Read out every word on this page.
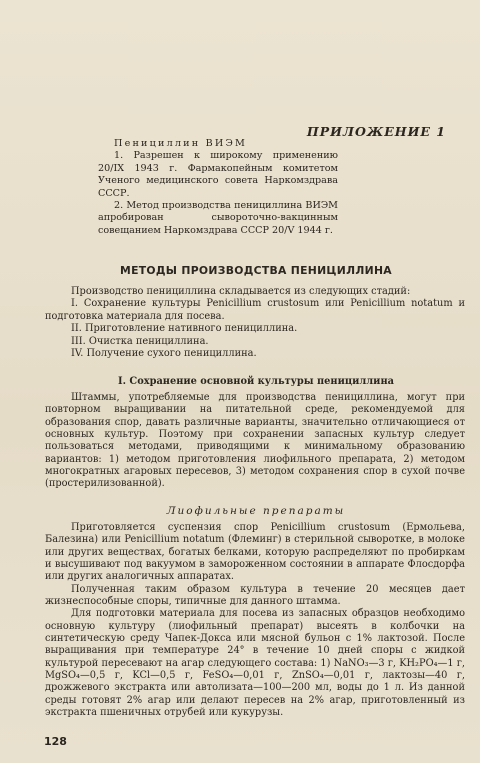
ПРИЛОЖЕНИЕ 1

Пенициллин ВИЭМ

1. Разрешен к широкому применению 20/IX 1943 г. Фармакопейным комитетом Ученого медицинского совета Наркомздрава СССР.

2. Метод производства пенициллина ВИЭМ апробирован сывороточно-вакцинным совещанием Наркомздрава СССР 20/V 1944 г.

МЕТОДЫ ПРОИЗВОДСТВА ПЕНИЦИЛЛИНА

Производство пенициллина складывается из следующих стадий:

I. Сохранение культуры Penicillium crustosum или Penicillium notatum и подготовка материала для посева.

II. Приготовление нативного пенициллина.

III. Очистка пенициллина.

IV. Получение сухого пенициллина.

I. Сохранение основной культуры пенициллина

Штаммы, употребляемые для производства пенициллина, могут при повторном выращивании на питательной среде, рекомендуемой для образования спор, давать различные варианты, значительно отличающиеся от основных культур. Поэтому при сохранении запасных культур следует пользоваться методами, приводящими к минимальному образованию вариантов: 1) методом приготовления лиофильного препарата, 2) методом многократных агаровых пересевов, 3) методом сохранения спор в сухой почве (простерилизованной).

Лиофильные препараты

Приготовляется суспензия спор Penicillium crustosum (Ермольева, Балезина) или Penicillium notatum (Флеминг) в стерильной сыворотке, в молоке или других веществах, богатых белками, которую распределяют по пробиркам и высушивают под вакуумом в замороженном состоянии в аппарате Флосдорфа или других аналогичных аппаратах.

Полученная таким образом культура в течение 20 месяцев дает жизнеспособные споры, типичные для данного штамма.

Для подготовки материала для посева из запасных образцов необходимо основную культуру (лиофильный препарат) высеять в колбочки на синтетическую среду Чапек-Докса или мясной бульон с 1% лактозой. После выращивания при температуре 24° в течение 10 дней споры с жидкой культурой пересевают на агар следующего состава: 1) NaNO₃—3 г, KH₂PO₄—1 г, MgSO₄—0,5 г, KCl—0,5 г, FeSO₄—0,01 г, ZnSO₄—0,01 г, лактозы—40 г, дрожжевого экстракта или автолизата—100—200 мл, воды до 1 л. Из данной среды готовят 2% агар или делают пересев на 2% агар, приготовленный из экстракта пшеничных отрубей или кукурузы.

128
